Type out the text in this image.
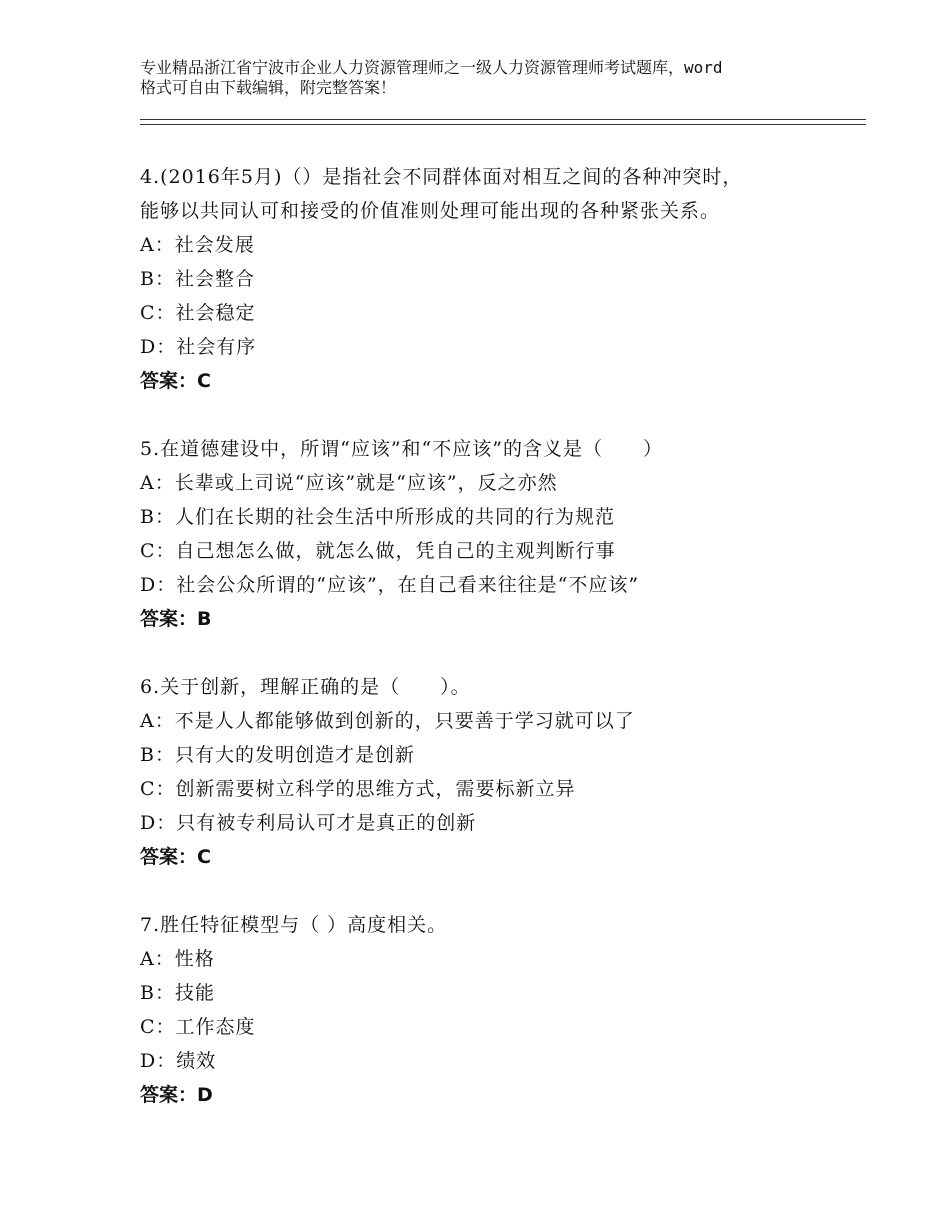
专业精品浙江省宁波市企业人力资源管理师之一级人力资源管理师考试题库，word
格式可自由下载编辑，附完整答案！
4.(2016年5月)（）是指社会不同群体面对相互之间的各种冲突时，
能够以共同认可和接受的价值准则处理可能出现的各种紧张关系。
A：社会发展
B：社会整合
C：社会稳定
D：社会有序
答案：C
5.在道德建设中，所谓“应该”和“不应该”的含义是（　　）
A：长辈或上司说“应该”就是“应该”，反之亦然
B：人们在长期的社会生活中所形成的共同的行为规范
C：自己想怎么做，就怎么做，凭自己的主观判断行事
D：社会公众所谓的“应该”，在自己看来往往是“不应该”
答案：B
6.关于创新，理解正确的是（　　）。
A：不是人人都能够做到创新的，只要善于学习就可以了
B：只有大的发明创造才是创新
C：创新需要树立科学的思维方式，需要标新立异
D：只有被专利局认可才是真正的创新
答案：C
7.胜任特征模型与（ ）高度相关。
A：性格
B：技能
C：工作态度
D：绩效
答案：D
